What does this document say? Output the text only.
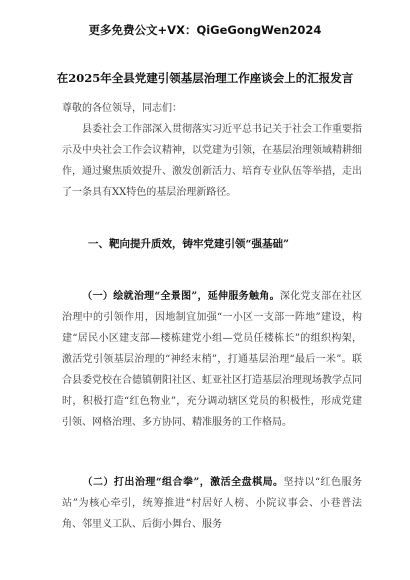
更多免费公文+VX：QiGeGongWen2024
在2025年全县党建引领基层治理工作座谈会上的汇报发言
尊敬的各位领导，同志们：

县委社会工作部深入贯彻落实习近平总书记关于社会工作重要指示及中央社会工作会议精神，以党建为引领，在基层治理领域精耕细作，通过聚焦质效提升、激发创新活力、培育专业队伍等举措，走出了一条具有XX特色的基层治理新路径。

一、靶向提升质效，铸牢党建引领“强基础”

（一）绘就治理“全景图”，延伸服务触角。深化党支部在社区治理中的引领作用，因地制宜加强“一小区一支部一阵地”建设，构建“居民小区建支部—楼栋建党小组—党员任楼栋长”的组织构架，激活党引领基层治理的“神经末梢”，打通基层治理“最后一米”。联合县委党校在合德镇朝阳社区、虹亚社区打造基层治理现场教学点同时，积极打造“红色物业”，充分调动辖区党员的积极性，形成党建引领、网格治理、多方协同、精准服务的工作格局。

（二）打出治理“组合拳”，激活全盘棋局。坚持以“红色服务站”为核心牵引，统筹推进“村居好人榜、小院议事会、小巷普法角、邻里义工队、后街小舞台、服务
